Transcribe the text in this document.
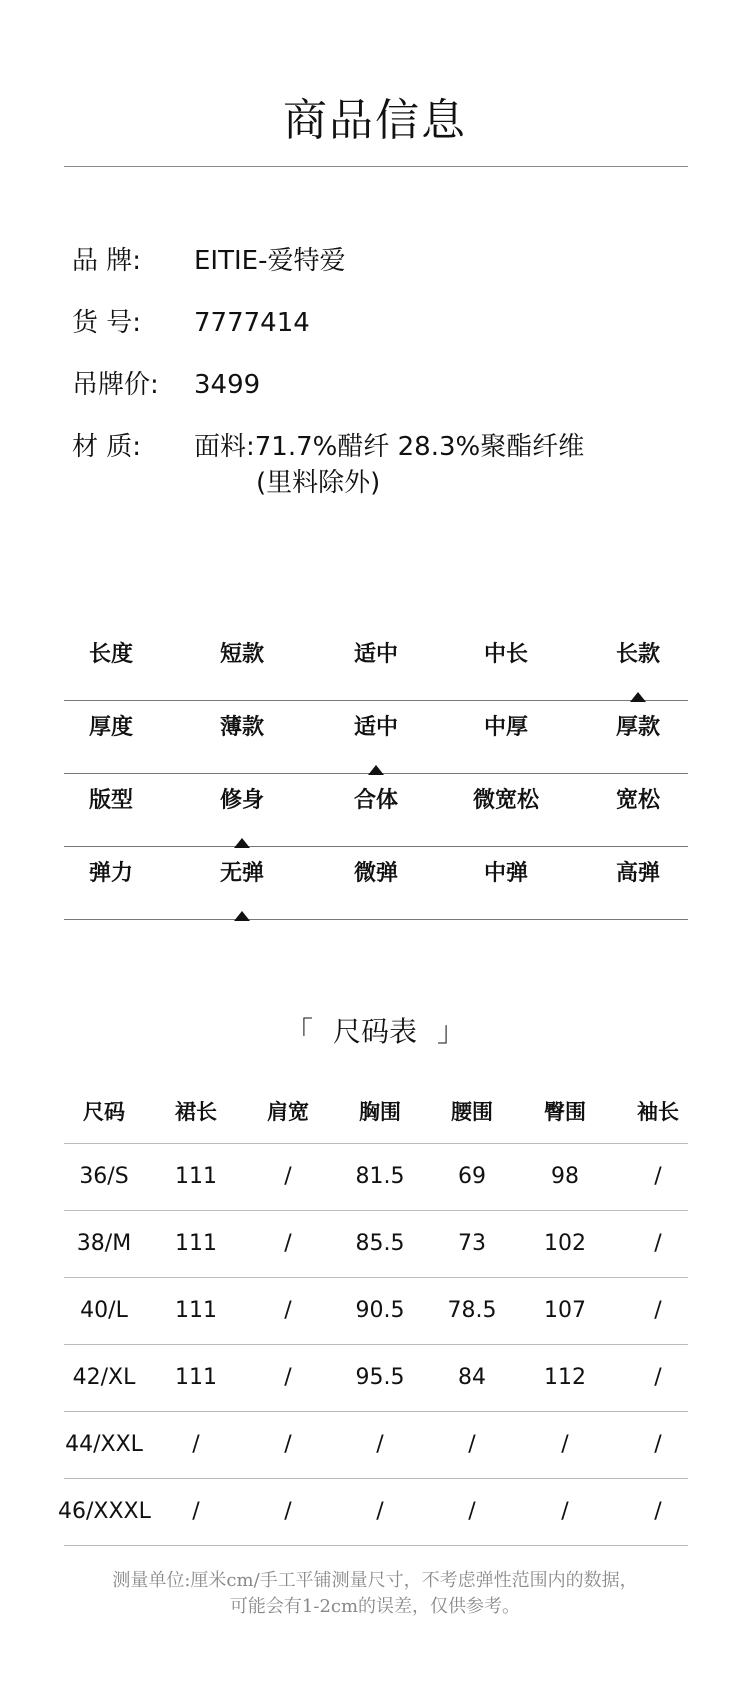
商品信息
品 牌:	EITIE-爱特爱
货 号:	7777414
吊牌价:	3499
材 质:	面料:71.7%醋纤 28.3%聚酯纤维
(里料除外)
长度	短款	适中	中长	长款
厚度	薄款	适中	中厚	厚款
版型	修身	合体	微宽松	宽松
弹力	无弹	微弹	中弹	高弹
「 尺码表 」
尺码	裙长	肩宽	胸围	腰围	臀围	袖长
36/S	111	/	81.5	69	98	/
38/M	111	/	85.5	73	102	/
40/L	111	/	90.5	78.5	107	/
42/XL	111	/	95.5	84	112	/
44/XXL	/	/	/	/	/	/
46/XXXL	/	/	/	/	/	/
测量单位:厘米cm/手工平铺测量尺寸，不考虑弹性范围内的数据，
可能会有1-2cm的误差，仅供参考。
